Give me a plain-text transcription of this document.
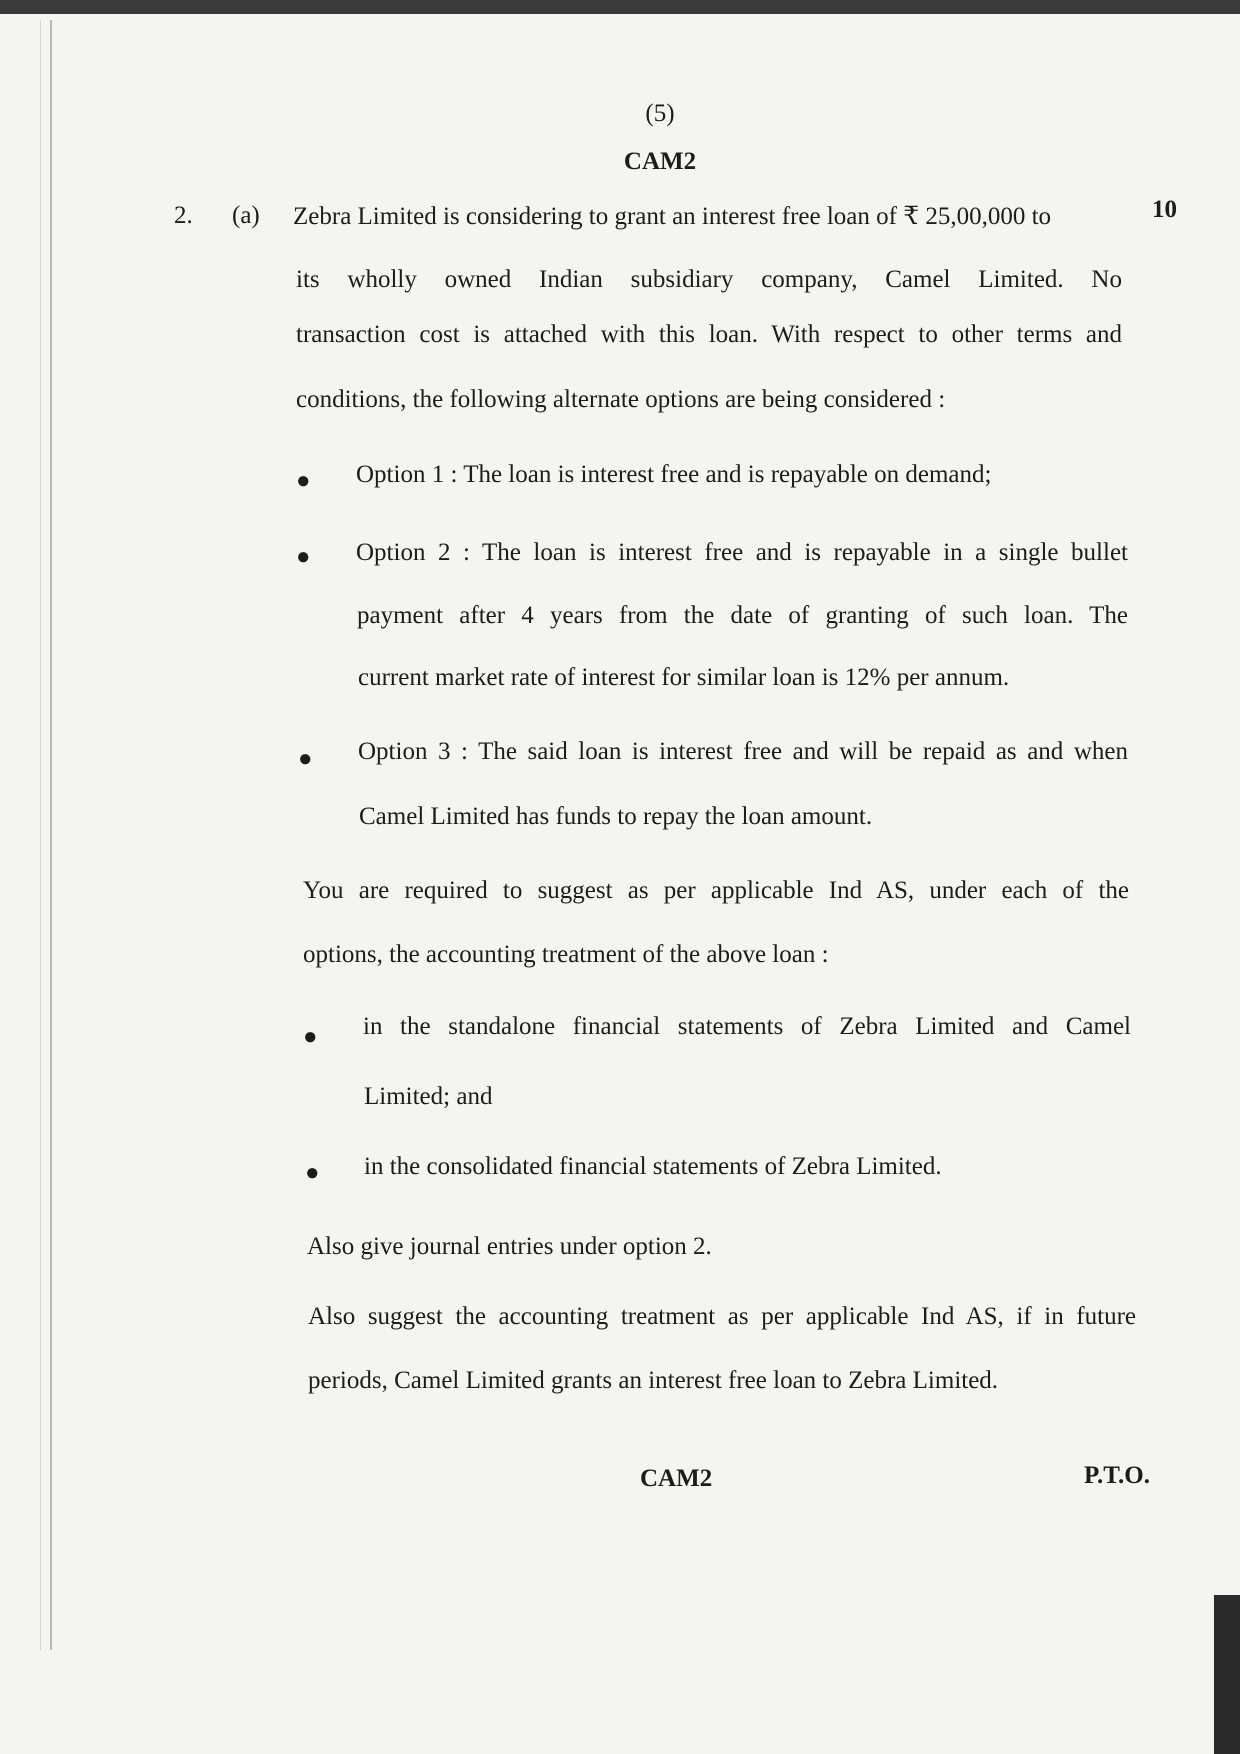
(5)

CAM2

2. (a)	10

Zebra Limited is considering to grant an interest free loan of ₹ 25,00,000 to

its wholly owned Indian subsidiary company, Camel Limited. No

transaction cost is attached with this loan. With respect to other terms and

conditions, the following alternate options are being considered :

● Option 1 : The loan is interest free and is repayable on demand;

● Option 2 : The loan is interest free and is repayable in a single bullet

payment after 4 years from the date of granting of such loan. The

current market rate of interest for similar loan is 12% per annum.

● Option 3 : The said loan is interest free and will be repaid as and when

Camel Limited has funds to repay the loan amount.

You are required to suggest as per applicable Ind AS, under each of the

options, the accounting treatment of the above loan :

● in the standalone financial statements of Zebra Limited and Camel

Limited; and

● in the consolidated financial statements of Zebra Limited.

Also give journal entries under option 2.

Also suggest the accounting treatment as per applicable Ind AS, if in future

periods, Camel Limited grants an interest free loan to Zebra Limited.

CAM2	P.T.O.
